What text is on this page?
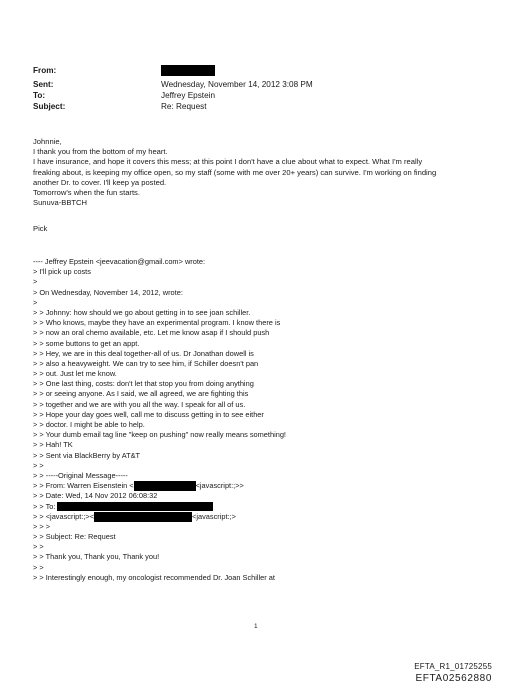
From:
Sent:	Wednesday, November 14, 2012 3:08 PM
To:	Jeffrey Epstein
Subject:	Re: Request
Johnnie,
I thank you from the bottom of my heart.
I have insurance, and hope it covers this mess; at this point I don't have a clue about what to expect. What I'm really
freaking about, is keeping my office open, so my staff (some with me over 20+ years) can survive. I'm working on finding
another Dr. to cover. I'll keep ya posted.
Tomorrow's when the fun starts.
Sunuva-BBTCH
Pick
---- Jeffrey Epstein <jeevacation@gmail.com> wrote:
> I'll pick up costs
>
> On Wednesday, November 14, 2012, wrote:
>
> > Johnny: how should we go about getting in to see joan schiller.
> > Who knows, maybe they have an experimental program. I know there is
> > now an oral chemo available, etc. Let me know asap if I should push
> > some buttons to get an appt.
> > Hey, we are in this deal together-all of us. Dr Jonathan dowell is
> > also a heavyweight. We can try to see him, if Schiller doesn't pan
> > out. Just let me know.
> > One last thing, costs: don't let that stop you from doing anything
> > or seeing anyone. As I said, we all agreed, we are fighting this
> > together and we are with you all the way. I speak for all of us.
> > Hope your day goes well, call me to discuss getting in to see either
> > doctor. I might be able to help.
> > Your dumb email tag line "keep on pushing" now really means something!
> > Hah! TK
> > Sent via BlackBerry by AT&T
> >
> > -----Original Message-----
> > From: Warren Eisenstein <	<javascript:;>>
> > Date: Wed, 14 Nov 2012 06:08:32
> > To:
> > <javascript:;><	<javascript:;>
> > >
> > Subject: Re: Request
> >
> > Thank you, Thank you, Thank you!
> >
> > Interestingly enough, my oncologist recommended Dr. Joan Schiller at
1
EFTA_R1_01725255
EFTA02562880
